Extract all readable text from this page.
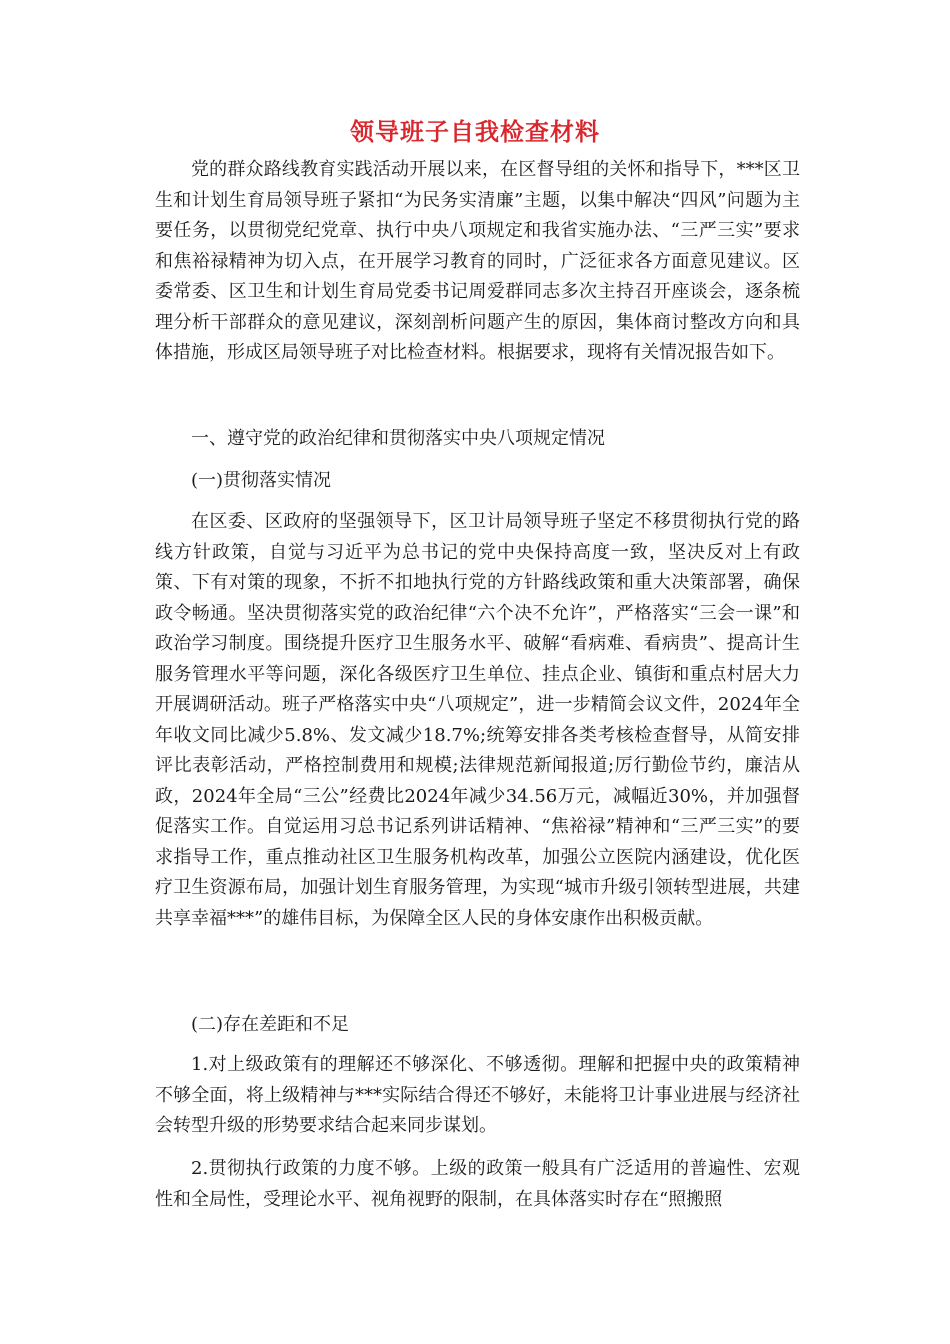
领导班子自我检查材料

党的群众路线教育实践活动开展以来，在区督导组的关怀和指导下，***区卫生和计划生育局领导班子紧扣“为民务实清廉”主题，以集中解决“四风”问题为主要任务，以贯彻党纪党章、执行中央八项规定和我省实施办法、“三严三实”要求和焦裕禄精神为切入点，在开展学习教育的同时，广泛征求各方面意见建议。区委常委、区卫生和计划生育局党委书记周爱群同志多次主持召开座谈会，逐条梳理分析干部群众的意见建议，深刻剖析问题产生的原因，集体商讨整改方向和具体措施，形成区局领导班子对比检查材料。根据要求，现将有关情况报告如下。

一、遵守党的政治纪律和贯彻落实中央八项规定情况

(一)贯彻落实情况

在区委、区政府的坚强领导下，区卫计局领导班子坚定不移贯彻执行党的路线方针政策，自觉与习近平为总书记的党中央保持高度一致，坚决反对上有政策、下有对策的现象，不折不扣地执行党的方针路线政策和重大决策部署，确保政令畅通。坚决贯彻落实党的政治纪律“六个决不允许”，严格落实“三会一课”和政治学习制度。围绕提升医疗卫生服务水平、破解“看病难、看病贵”、提高计生服务管理水平等问题，深化各级医疗卫生单位、挂点企业、镇街和重点村居大力开展调研活动。班子严格落实中央“八项规定”，进一步精简会议文件，2024年全年收文同比减少5.8%、发文减少18.7%;统筹安排各类考核检查督导，从简安排评比表彰活动，严格控制费用和规模;法律规范新闻报道;厉行勤俭节约，廉洁从政，2024年全局“三公”经费比2024年减少34.56万元，减幅近30%，并加强督促落实工作。自觉运用习总书记系列讲话精神、“焦裕禄”精神和“三严三实”的要求指导工作，重点推动社区卫生服务机构改革，加强公立医院内涵建设，优化医疗卫生资源布局，加强计划生育服务管理，为实现“城市升级引领转型进展，共建共享幸福***”的雄伟目标，为保障全区人民的身体安康作出积极贡献。

(二)存在差距和不足

1.对上级政策有的理解还不够深化、不够透彻。理解和把握中央的政策精神不够全面，将上级精神与***实际结合得还不够好，未能将卫计事业进展与经济社会转型升级的形势要求结合起来同步谋划。

2.贯彻执行政策的力度不够。上级的政策一般具有广泛适用的普遍性、宏观性和全局性，受理论水平、视角视野的限制，在具体落实时存在“照搬照
